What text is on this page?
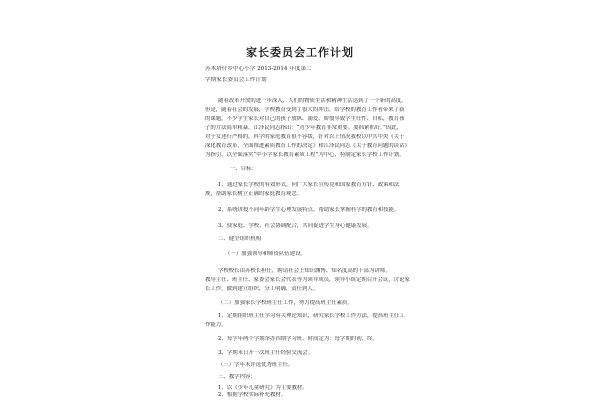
家长委员会工作计划
苏木塔什乡中心小学 2013-2014 年度第二
学期家长委员会工作计划
随着改革开放的进一步深入，人们的物质生活和精神生活达到了一个新的高度。
但是，随着社会的发展，学校教育受到了很大的冲击，给学校的教育工作者带来了新
的课题，不少学生家长对自己的孩子放纵、溺爱、娇惯导致学生任性、自私，教育孩
子的方法简单粗暴，江泽民同志指出：“青少年教育非常重要。要抓紧抓好。”因此，
对于女述行严格的，科学的家庭教育很不容缓，针对以上情况我校以中共中央《关于
深化教育改革，全面推进素质教育工作的决定》和江泽民同志《关于教育问题的谈话》
为指引，以全面落实“中小学家长教育素质工程”为中心，特制定家长学校工作计划。
一、目标：
1、通过家长学校的有效形式，向广大家长宣传党和国家教育方针、政策和法
规，帮助家长树立正确的家庭教育观念。
2、系统讲授不同年龄学生心理发展特点，帮助家长掌握科学的教育和技能。
3、使家庭、学校、社会协调配合，共同促进学生身心健康发展。
二、健全组织机构
（一）加强领导和师资队伍建设。
学校校长由苏校长担任，聘请社会上知识渊博、知名度高的干部为讲师，
教导主任、班主任、家委会家长会代表等为领导成员，领导小组定期召开会议，讨论家
长工作，做到建立组织，分工明确，责任到人。
（二）加强家长学校班主任工作，努力提高班主任素质。
1、定期组织班主任学习有关理论知识，研究家长学校工作方法，提高班主任工
作能力。
2、每学年两个学期举办四期学习班，时间定为：每学期的初、终。
3、学期末日开一次班主任经验交流会。
（三）学年末评选优秀班主任。
三、教学内容：
1、以《少年儿童研究》为主要教材。
2、根据学校实际补充教材。
